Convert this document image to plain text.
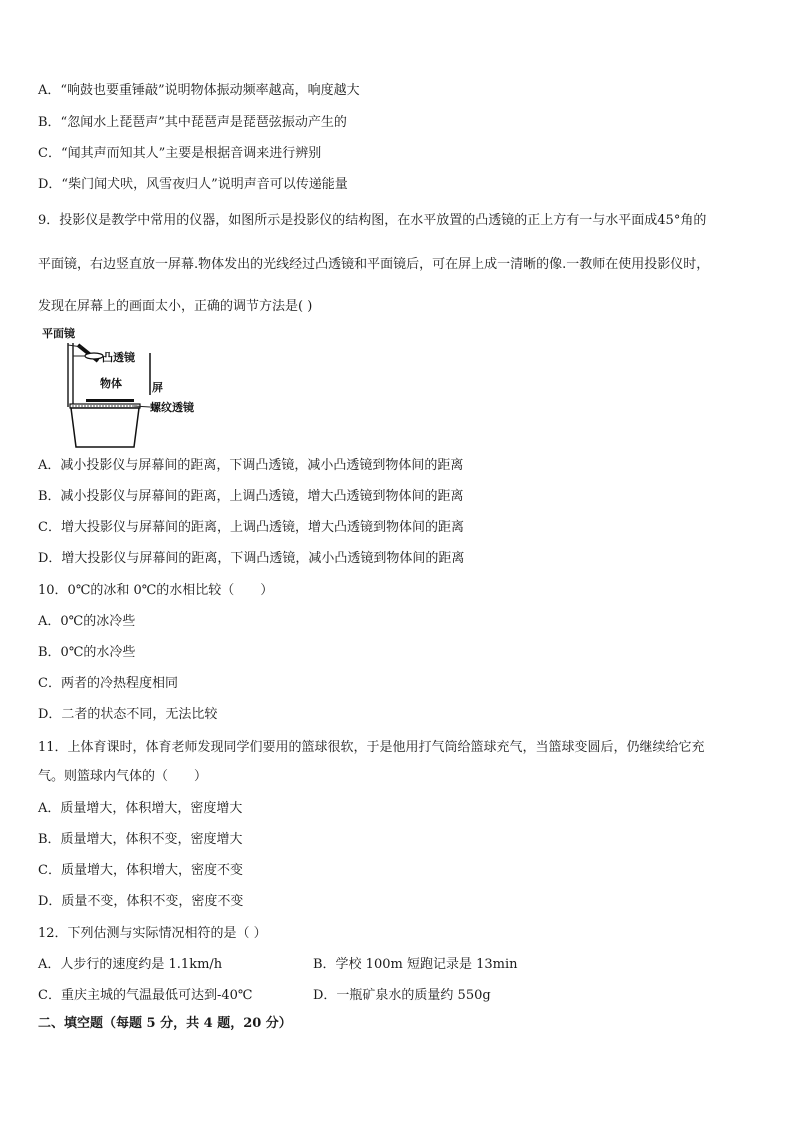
A．“响鼓也要重锤敲”说明物体振动频率越高，响度越大
B．“忽闻水上琵琶声”其中琵琶声是琵琶弦振动产生的
C．“闻其声而知其人”主要是根据音调来进行辨别
D．“柴门闻犬吠，风雪夜归人”说明声音可以传递能量
9．投影仪是教学中常用的仪器，如图所示是投影仪的结构图，在水平放置的凸透镜的正上方有一与水平面成45°角的
平面镜，右边竖直放一屏幕.物体发出的光线经过凸透镜和平面镜后，可在屏上成一清晰的像.一教师在使用投影仪时，
发现在屏幕上的画面太小，正确的调节方法是( )
平面镜
凸透镜
物体	屏
螺纹透镜
A．减小投影仪与屏幕间的距离，下调凸透镜，减小凸透镜到物体间的距离
B．减小投影仪与屏幕间的距离，上调凸透镜，增大凸透镜到物体间的距离
C．增大投影仪与屏幕间的距离，上调凸透镜，增大凸透镜到物体间的距离
D．增大投影仪与屏幕间的距离，下调凸透镜，减小凸透镜到物体间的距离
10．0℃的冰和 0℃的水相比较（　　）
A．0℃的冰冷些
B．0℃的水冷些
C．两者的冷热程度相同
D．二者的状态不同，无法比较
11．上体育课时，体育老师发现同学们要用的篮球很软，于是他用打气筒给篮球充气，当篮球变圆后，仍继续给它充
气。则篮球内气体的（　　）
A．质量增大，体积增大，密度增大
B．质量增大，体积不变，密度增大
C．质量增大，体积增大，密度不变
D．质量不变，体积不变，密度不变
12．下列估测与实际情况相符的是（ ）
A．人步行的速度约是 1.1km/h	B．学校 100m 短跑记录是 13min
C．重庆主城的气温最低可达到-40℃	D．一瓶矿泉水的质量约 550g
二、填空题（每题 5 分，共 4 题，20 分）
